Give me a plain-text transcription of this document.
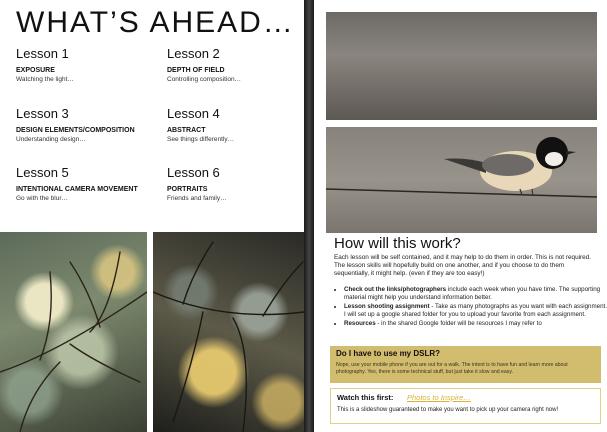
WHAT’S AHEAD…
Lesson 1
EXPOSURE
Watching the light…
Lesson 2
DEPTH OF FIELD
Controlling composition…
Lesson 3
DESIGN ELEMENTS/COMPOSITION
Understanding design…
Lesson 4
ABSTRACT
See things differently…
Lesson 5
INTENTIONAL CAMERA MOVEMENT
Go with the blur…
Lesson 6
PORTRAITS
Friends and family…
How will this work?
Each lesson will be self contained, and it may help to do them in order. This is not required. The lesson skills will hopefully build on one another, and if you choose to do them sequentially, it might help. (even if they are too easy!)
• Check out the links/photographers include each week when you have time. The supporting material might help you understand information better.
• Lesson shooting assignment - Take as many photographs as you want with each assignment. I will set up a google shared folder for you to upload your favorite from each assignment.
• Resources - in the shared Google folder will be resources I may refer to
Do I have to use my DSLR?
Nope, use your mobile phone if you are out for a walk. The intent is to have fun and learn more about photography. Yes, there is some technical stuff, but just take it slow and easy.
Watch this first: Photos to Inspire…
This is a slideshow guaranteed to make you want to pick up your camera right now!
